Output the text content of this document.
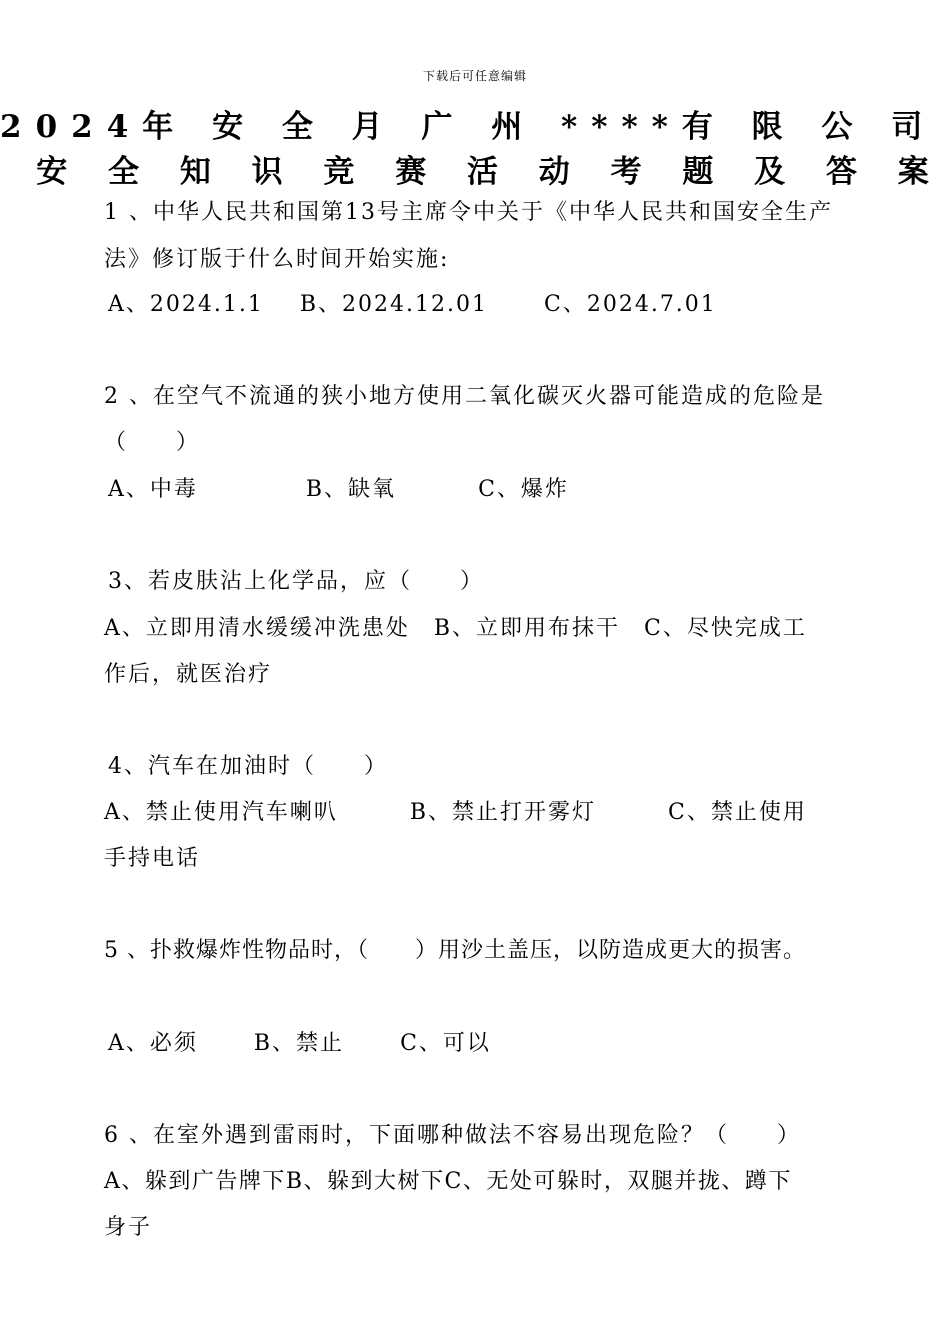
下载后可任意编辑
2024年 安 全 月 广 州 ****有 限 公 司
安 全 知 识 竞 赛 活 动 考 题 及 答 案
1 、中华人民共和国第13号主席令中关于《中华人民共和国安全生产
法》修订版于什么时间开始实施:
A、2024.1.1 B、2024.12.01	C、2024.7.01
2 、在空气不流通的狭小地方使用二氧化碳灭火器可能造成的危险是
（　　）
A、中毒	B、缺氧	C、爆炸
3、若皮肤沾上化学品，应（　　）
A、立即用清水缓缓冲洗患处　B、立即用布抹干　C、尽快完成工
作后，就医治疗
4、汽车在加油时（　　）
A、禁止使用汽车喇叭　　　B、禁止打开雾灯　　　C、禁止使用
手持电话
5 、扑救爆炸性物品时，（　　）用沙土盖压，以防造成更大的损害。
A、必须	B、禁止	C、可以
6 、在室外遇到雷雨时，下面哪种做法不容易出现危险？（　　）
A、躲到广告牌下B、躲到大树下C、无处可躲时，双腿并拢、蹲下
身子
